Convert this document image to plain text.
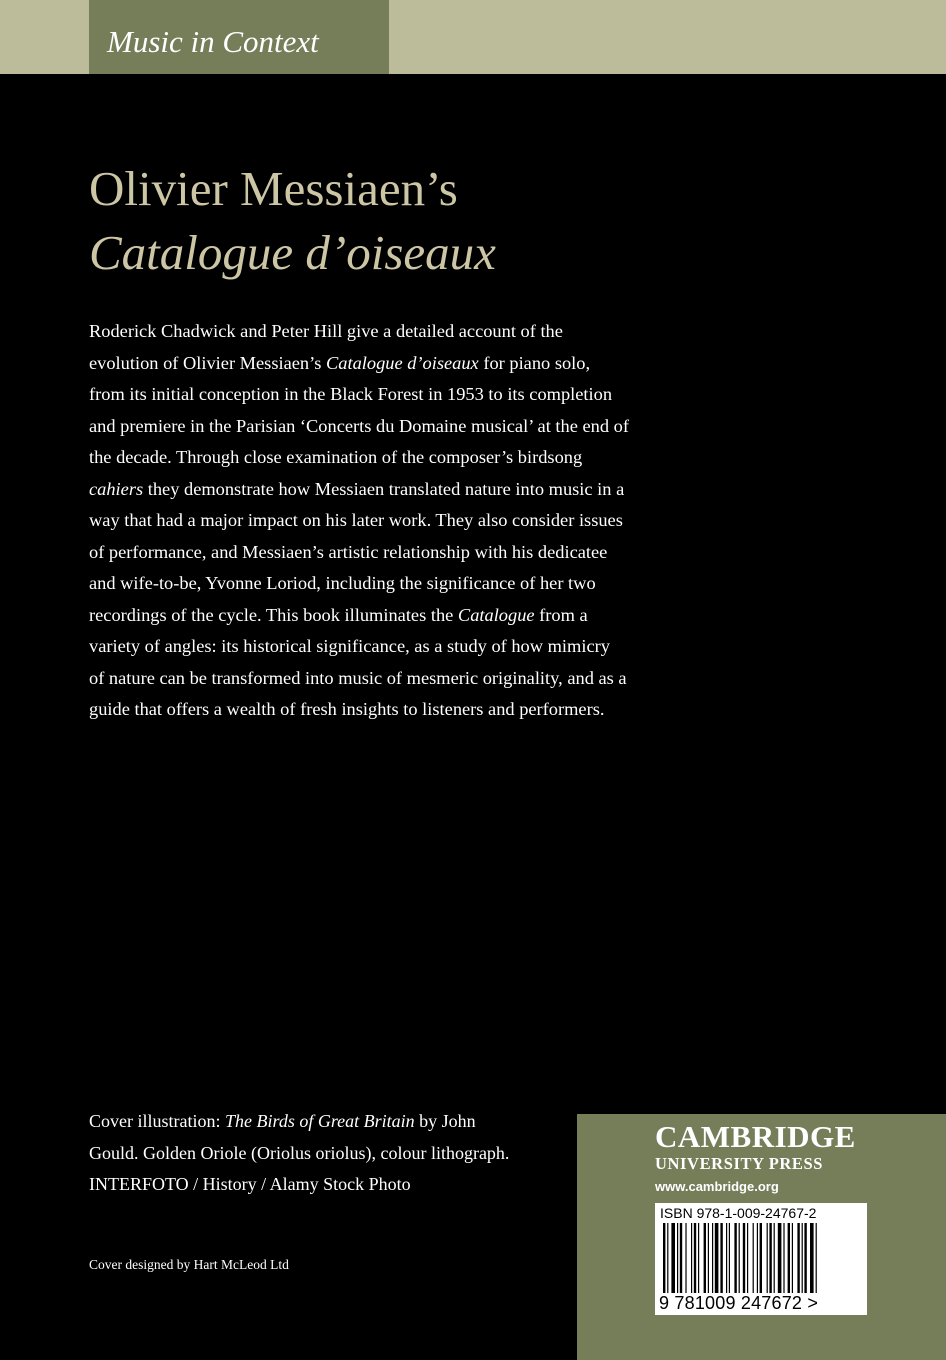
Music in Context
Olivier Messiaen’s
Catalogue d’oiseaux

Roderick Chadwick and Peter Hill give a detailed account of the evolution of Olivier Messiaen’s Catalogue d’oiseaux for piano solo, from its initial conception in the Black Forest in 1953 to its completion and premiere in the Parisian ‘Concerts du Domaine musical’ at the end of the decade. Through close examination of the composer’s birdsong cahiers they demonstrate how Messiaen translated nature into music in a way that had a major impact on his later work. They also consider issues of performance, and Messiaen’s artistic relationship with his dedicatee and wife-to-be, Yvonne Loriod, including the significance of her two recordings of the cycle. This book illuminates the Catalogue from a variety of angles: its historical significance, as a study of how mimicry of nature can be transformed into music of mesmeric originality, and as a guide that offers a wealth of fresh insights to listeners and performers.

Cover illustration: The Birds of Great Britain by John Gould. Golden Oriole (Oriolus oriolus), colour lithograph. INTERFOTO / History / Alamy Stock Photo
Cover designed by Hart McLeod Ltd
CAMBRIDGE
UNIVERSITY PRESS
www.cambridge.org
ISBN 978-1-009-24767-2
9 781009 247672 >
